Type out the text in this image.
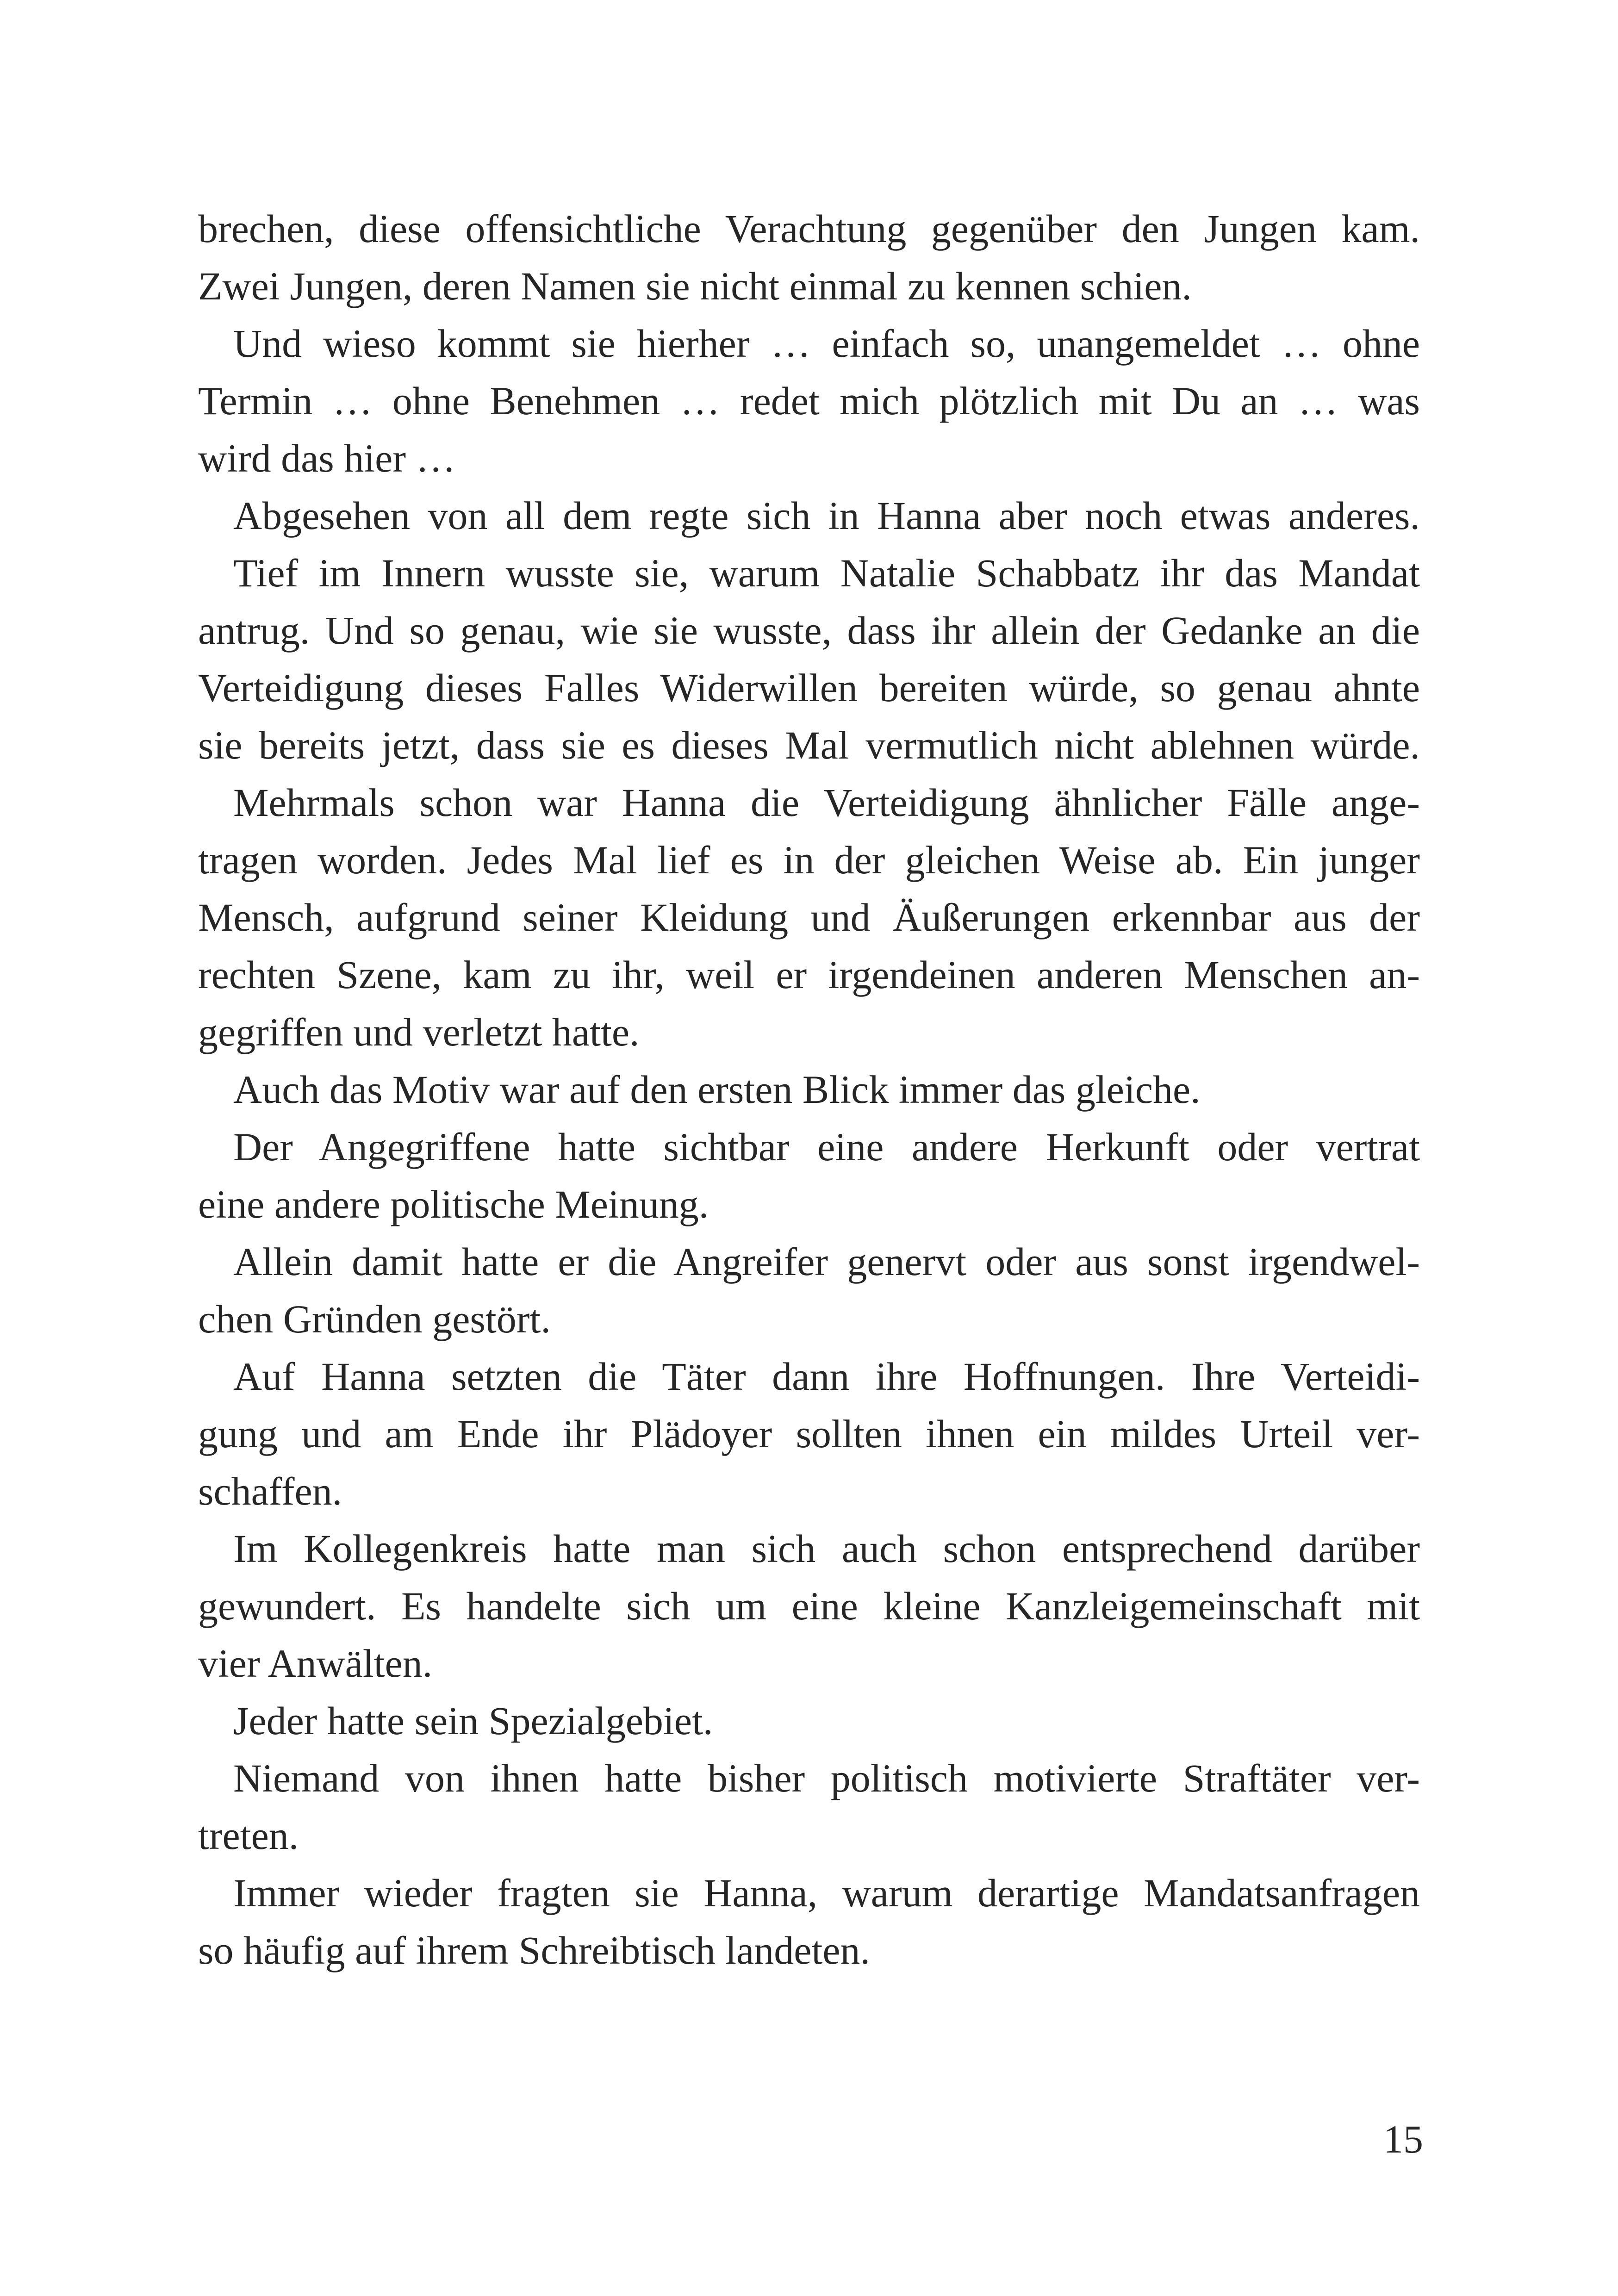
brechen, diese offensichtliche Verachtung gegenüber den Jungen kam.
Zwei Jungen, deren Namen sie nicht einmal zu kennen schien.
Und wieso kommt sie hierher … einfach so, unangemeldet … ohne
Termin … ohne Benehmen … redet mich plötzlich mit Du an … was
wird das hier …
Abgesehen von all dem regte sich in Hanna aber noch etwas anderes.
Tief im Innern wusste sie, warum Natalie Schabbatz ihr das Mandat
antrug. Und so genau, wie sie wusste, dass ihr allein der Gedanke an die
Verteidigung dieses Falles Widerwillen bereiten würde, so genau ahnte
sie bereits jetzt, dass sie es dieses Mal vermutlich nicht ablehnen würde.
Mehrmals schon war Hanna die Verteidigung ähnlicher Fälle ange-
tragen worden. Jedes Mal lief es in der gleichen Weise ab. Ein junger
Mensch, aufgrund seiner Kleidung und Äußerungen erkennbar aus der
rechten Szene, kam zu ihr, weil er irgendeinen anderen Menschen an-
gegriffen und verletzt hatte.
Auch das Motiv war auf den ersten Blick immer das gleiche.
Der Angegriffene hatte sichtbar eine andere Herkunft oder vertrat
eine andere politische Meinung.
Allein damit hatte er die Angreifer genervt oder aus sonst irgendwel-
chen Gründen gestört.
Auf Hanna setzten die Täter dann ihre Hoffnungen. Ihre Verteidi-
gung und am Ende ihr Plädoyer sollten ihnen ein mildes Urteil ver-
schaffen.
Im Kollegenkreis hatte man sich auch schon entsprechend darüber
gewundert. Es handelte sich um eine kleine Kanzleigemeinschaft mit
vier Anwälten.
Jeder hatte sein Spezialgebiet.
Niemand von ihnen hatte bisher politisch motivierte Straftäter ver-
treten.
Immer wieder fragten sie Hanna, warum derartige Mandatsanfragen
so häufig auf ihrem Schreibtisch landeten.
15
